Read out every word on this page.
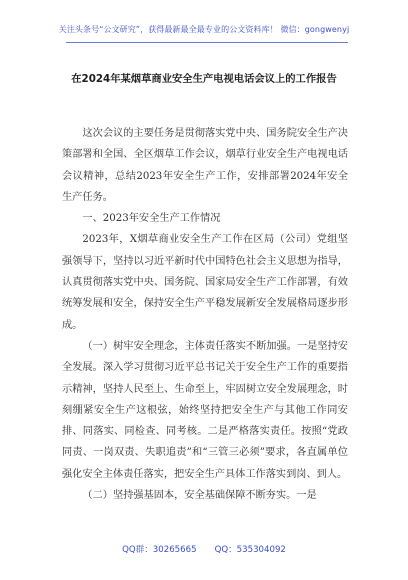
关注头条号“公文研究”，获得最新最全最专业的公文资料库！ 微信：gongwenyj
在2024年某烟草商业安全生产电视电话会议上的工作报告

这次会议的主要任务是贯彻落实党中央、国务院安全生产决策部署和全国、全区烟草工作会议，烟草行业安全生产电视电话会议精神，总结2023年安全生产工作，安排部署2024年安全生产任务。

一、2023年安全生产工作情况

2023年，X烟草商业安全生产工作在区局（公司）党组坚强领导下，坚持以习近平新时代中国特色社会主义思想为指导，认真贯彻落实党中央、国务院、国家局安全生产工作部署，有效统筹发展和安全，保持安全生产平稳发展新安全发展格局逐步形成。

（一）树牢安全理念，主体责任落实不断加强。一是坚持安全发展。深入学习贯彻习近平总书记关于安全生产工作的重要指示精神，坚持人民至上、生命至上，牢固树立安全发展理念，时刻绷紧安全生产这根弦，始终坚持把安全生产与其他工作同安排、同落实、同检查、同考核。二是严格落实责任。按照“党政同责、一岗双责、失职追责”和“三管三必须”要求，各直属单位强化安全主体责任落实，把安全生产具体工作落实到岗、到人。

（二）坚持强基固本，安全基础保障不断夯实。一是

QQ群：30265665 QQ：535304092
